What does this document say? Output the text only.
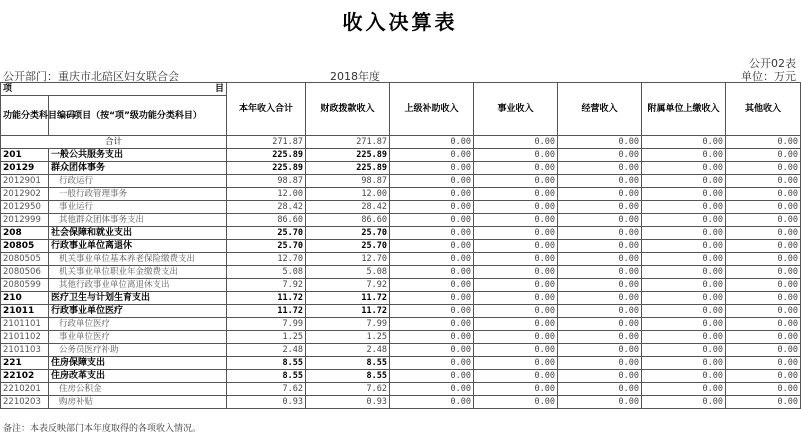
收入决算表
公开02表
公开部门：重庆市北碚区妇女联合会	2018年度	单位：万元
项 目		本年收入合计	财政拨款收入	上级补助收入	事业收入	经营收入	附属单位上缴收入	其他收入
功能分类科目编码	项目（按“项”级功能分类科目）							
合计		271.87	271.87	0.00	0.00	0.00	0.00	0.00
201	一般公共服务支出	225.89	225.89	0.00	0.00	0.00	0.00	0.00
20129	群众团体事务	225.89	225.89	0.00	0.00	0.00	0.00	0.00
2012901	行政运行	98.87	98.87	0.00	0.00	0.00	0.00	0.00
2012902	一般行政管理事务	12.00	12.00	0.00	0.00	0.00	0.00	0.00
2012950	事业运行	28.42	28.42	0.00	0.00	0.00	0.00	0.00
2012999	其他群众团体事务支出	86.60	86.60	0.00	0.00	0.00	0.00	0.00
208	社会保障和就业支出	25.70	25.70	0.00	0.00	0.00	0.00	0.00
20805	行政事业单位离退休	25.70	25.70	0.00	0.00	0.00	0.00	0.00
2080505	机关事业单位基本养老保险缴费支出	12.70	12.70	0.00	0.00	0.00	0.00	0.00
2080506	机关事业单位职业年金缴费支出	5.08	5.08	0.00	0.00	0.00	0.00	0.00
2080599	其他行政事业单位离退休支出	7.92	7.92	0.00	0.00	0.00	0.00	0.00
210	医疗卫生与计划生育支出	11.72	11.72	0.00	0.00	0.00	0.00	0.00
21011	行政事业单位医疗	11.72	11.72	0.00	0.00	0.00	0.00	0.00
2101101	行政单位医疗	7.99	7.99	0.00	0.00	0.00	0.00	0.00
2101102	事业单位医疗	1.25	1.25	0.00	0.00	0.00	0.00	0.00
2101103	公务员医疗补助	2.48	2.48	0.00	0.00	0.00	0.00	0.00
221	住房保障支出	8.55	8.55	0.00	0.00	0.00	0.00	0.00
22102	住房改革支出	8.55	8.55	0.00	0.00	0.00	0.00	0.00
2210201	住房公积金	7.62	7.62	0.00	0.00	0.00	0.00	0.00
2210203	购房补贴	0.93	0.93	0.00	0.00	0.00	0.00	0.00
备注：本表反映部门本年度取得的各项收入情况。
